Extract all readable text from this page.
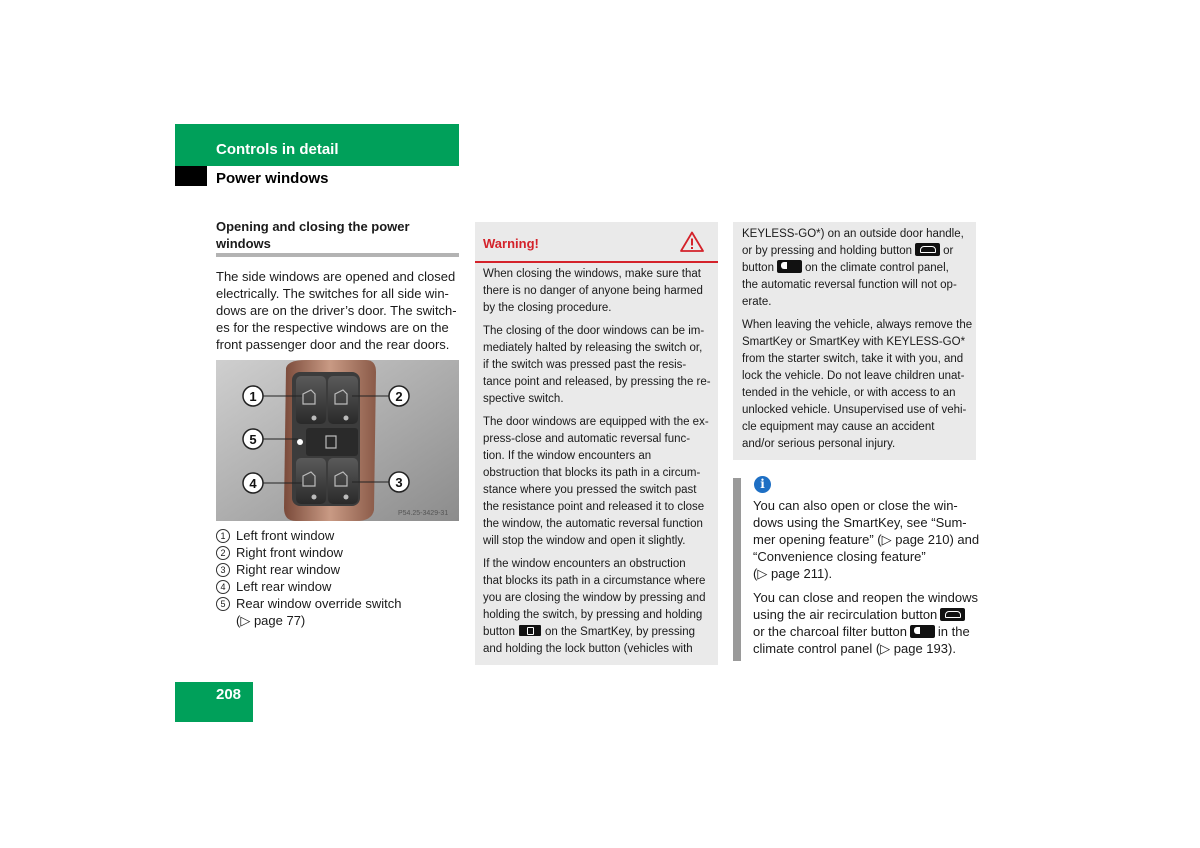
Controls in detail
Power windows
Opening and closing the power windows
The side windows are opened and closed
electrically. The switches for all side win-
dows are on the driver’s door. The switch-
es for the respective windows are on the
front passenger door and the rear doors.
1	2
3
4
5
P54.25-3429-31
1 Left front window
2 Right front window
3 Right rear window
4 Left rear window
5 Rear window override switch
(▷ page 77)
Warning!
When closing the windows, make sure that
there is no danger of anyone being harmed
by the closing procedure.
The closing of the door windows can be im-
mediately halted by releasing the switch or,
if the switch was pressed past the resis-
tance point and released, by pressing the re-
spective switch.
The door windows are equipped with the ex-
press-close and automatic reversal func-
tion. If the window encounters an
obstruction that blocks its path in a circum-
stance where you pressed the switch past
the resistance point and released it to close
the window, the automatic reversal function
will stop the window and open it slightly.
If the window encounters an obstruction
that blocks its path in a circumstance where
you are closing the window by pressing and
holding the switch, by pressing and holding
button	on the SmartKey, by pressing
and holding the lock button (vehicles with
KEYLESS-GO*) on an outside door handle,
or by pressing and holding button	or
button	on the climate control panel,
the automatic reversal function will not op-
erate.
When leaving the vehicle, always remove the
SmartKey or SmartKey with KEYLESS-GO*
from the starter switch, take it with you, and
lock the vehicle. Do not leave children unat-
tended in the vehicle, or with access to an
unlocked vehicle. Unsupervised use of vehi-
cle equipment may cause an accident
and/or serious personal injury.
i
You can also open or close the win-
dows using the SmartKey, see “Sum-
mer opening feature” (▷ page 210) and
“Convenience closing feature”
(▷ page 211).
You can close and reopen the windows
using the air recirculation button
or the charcoal filter button in the
climate control panel (▷ page 193).
208
